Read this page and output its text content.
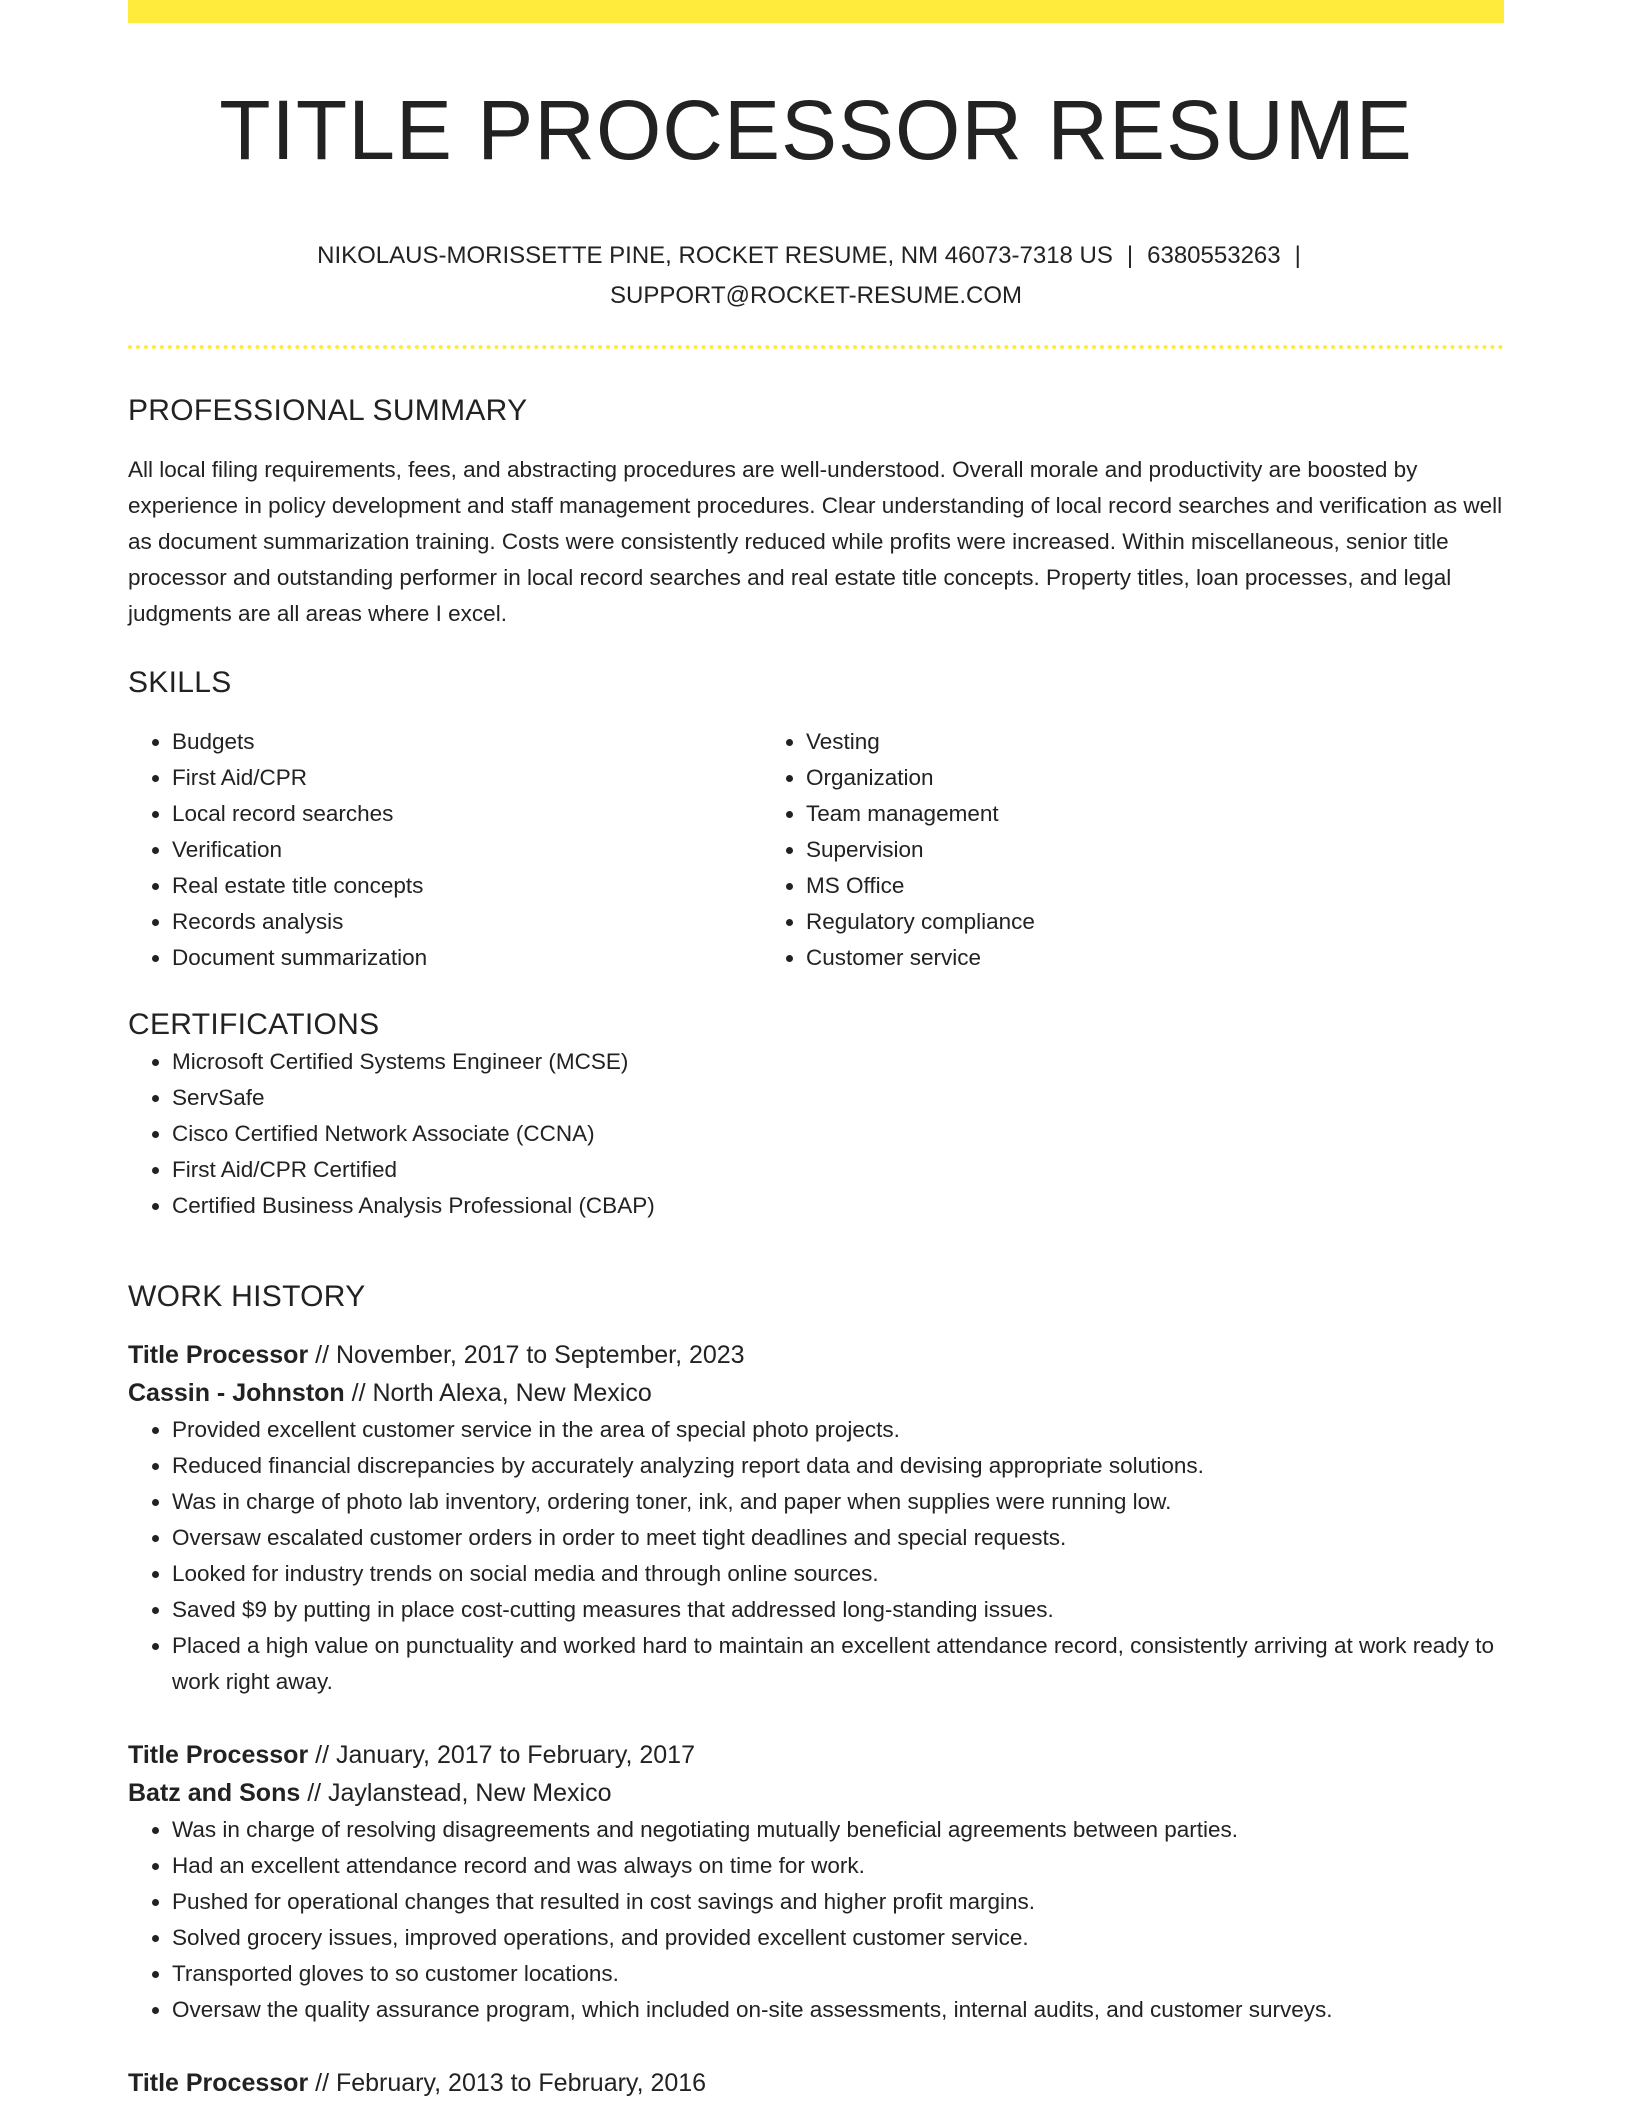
TITLE PROCESSOR RESUME
NIKOLAUS-MORISSETTE PINE, ROCKET RESUME, NM 46073-7318 US | 6380553263 |
SUPPORT@ROCKET-RESUME.COM
PROFESSIONAL SUMMARY

All local filing requirements, fees, and abstracting procedures are well-understood. Overall morale and productivity are boosted by experience in policy development and staff management procedures. Clear understanding of local record searches and verification as well as document summarization training. Costs were consistently reduced while profits were increased. Within miscellaneous, senior title processor and outstanding performer in local record searches and real estate title concepts. Property titles, loan processes, and legal judgments are all areas where I excel.

SKILLS
• Budgets
• First Aid/CPR
• Local record searches
• Verification
• Real estate title concepts
• Records analysis
• Document summarization
• Vesting
• Organization
• Team management
• Supervision
• MS Office
• Regulatory compliance
• Customer service
CERTIFICATIONS
• Microsoft Certified Systems Engineer (MCSE)
• ServSafe
• Cisco Certified Network Associate (CCNA)
• First Aid/CPR Certified
• Certified Business Analysis Professional (CBAP)
WORK HISTORY
Title Processor // November, 2017 to September, 2023
Cassin - Johnston // North Alexa, New Mexico
• Provided excellent customer service in the area of special photo projects.
• Reduced financial discrepancies by accurately analyzing report data and devising appropriate solutions.
• Was in charge of photo lab inventory, ordering toner, ink, and paper when supplies were running low.
• Oversaw escalated customer orders in order to meet tight deadlines and special requests.
• Looked for industry trends on social media and through online sources.
• Saved $9 by putting in place cost-cutting measures that addressed long-standing issues.
• Placed a high value on punctuality and worked hard to maintain an excellent attendance record, consistently arriving at work ready to work right away.
Title Processor // January, 2017 to February, 2017
Batz and Sons // Jaylanstead, New Mexico
• Was in charge of resolving disagreements and negotiating mutually beneficial agreements between parties.
• Had an excellent attendance record and was always on time for work.
• Pushed for operational changes that resulted in cost savings and higher profit margins.
• Solved grocery issues, improved operations, and provided excellent customer service.
• Transported gloves to so customer locations.
• Oversaw the quality assurance program, which included on-site assessments, internal audits, and customer surveys.
Title Processor // February, 2013 to February, 2016
